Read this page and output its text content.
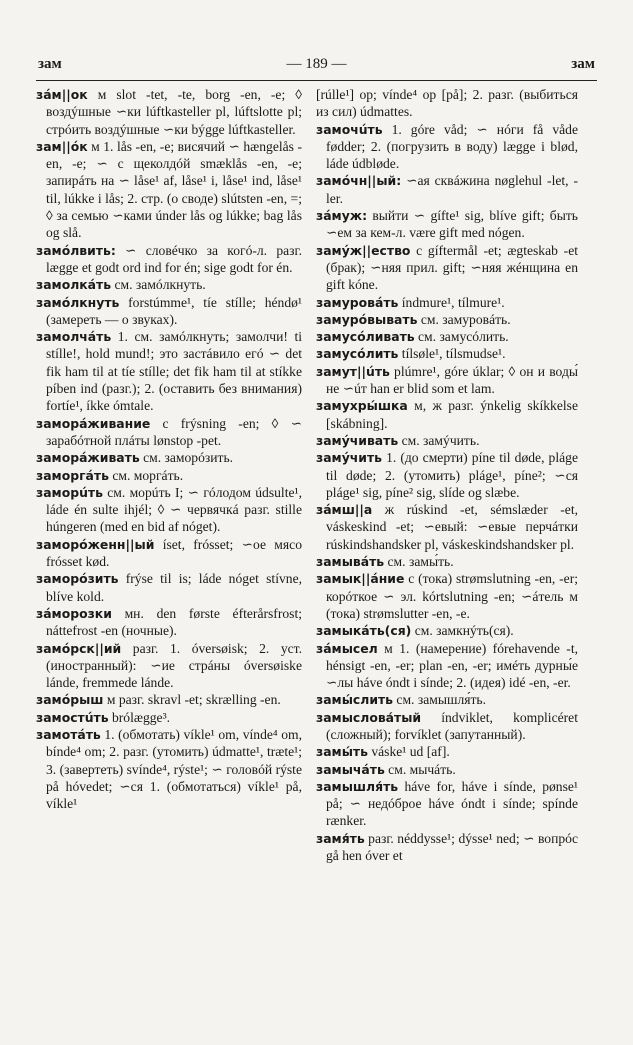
зам	— 189 —	зам
зáм||ок м slot -tet, -te, borg -en, -e; ◊ воздýшные ∽ки lúftkasteller pl, lúftslotte pl; стрóить воздýшные ∽ки býgge lúftkasteller.
зам||óк м 1. lås -en, -e; висячий ∽ hængelås -en, -e; ∽ с щеколдóй smæklås -en, -e; запирáть на ∽ låse¹ af, låse¹ i, låse¹ ind, låse¹ til, lúkke i lås; 2. стр. (о своде) slútsten -en, =; ◊ за семью ∽ками únder lås og lúkke; bag lås og slå.
замóлвить: ∽ словéчко за когó-л. разг. lægge et godt ord ind for én; sige godt for én.
замолкáть см. замóлкнуть.
замóлкнуть forstúmme¹, tíe stílle; héndø¹ (замереть — о звуках).
замолчáть 1. см. замóлкнуть; замолчи! ti stílle!, hold mund!; это застáвило егó ∽ det fik ham til at tíe stílle; det fik ham til at stíkke píben ind (разг.); 2. (оставить без внимания) fortíe¹, íkke ómtale.
заморáживание с frýsning -en; ◊ ∽ зарабóтной плáты lønstop -pet.
заморáживать см. заморóзить.
заморгáть см. моргáть.
заморúть см. морúть I; ∽ гóлодом údsulte¹, láde én sulte ihjél; ◊ ∽ червячкá разг. stille húngeren (med en bid af nóget).
заморóженн||ый íset, frósset; ∽ое мясо frósset kød.
заморóзить frýse til is; láde nóget stívne, blíve kold.
зáморозки мн. den første éfterårsfrost; náttefrost -en (ночные).
замóрск||ий разг. 1. óversøisk; 2. уст. (иностранный): ∽ие стрáны óversøiske lánde, fremmede lánde.
замóрыш м разг. skravl -et; skrælling -en.
замостúть brólægge³.
замотáть 1. (обмотать) víkle¹ om, vínde⁴ om, bínde⁴ om; 2. разг. (утомить) údmatte¹, træte¹; 3. (завертеть) svínde⁴, rýste¹; ∽ головóй rýste på hóvedet; ∽ся 1. (обмотаться) víkle¹ på, víkle¹
[rúlle¹] op; vínde⁴ op [på]; 2. разг. (выбиться из сил) údmattes.
замочúть 1. góre våd; ∽ нóги få våde fødder; 2. (погрузить в воду) lægge i blød, láde údbløde.
замóчн||ый: ∽ая сквáжина nøglehul -let, -ler.
зáмуж: выйти ∽ gífte¹ sig, blíve gift; быть ∽ем за кем-л. være gift med nógen.
замýж||ество с gíftermål -et; ægteskab -et (брак); ∽няя прил. gift; ∽няя жéнщина en gift kóne.
замуровáть índmure¹, tílmure¹.
замурóвывать см. замуровáть.
замусóливать см. замусóлить.
замусóлить tílsøle¹, tílsmudse¹.
замут||úть plúmre¹, góre úklar; ◊ он и воды́ не ∽úт han er blid som et lam.
замухры́шка м, ж разг. ýnkelig skíkkelse [skábning].
замýчивать см. замýчить.
замýчить 1. (до смерти) píne til døde, pláge til døde; 2. (утомить) pláge¹, píne²; ∽ся pláge¹ sig, píne² sig, slíde og slæbe.
зáмш||а ж rúskind -et, sémslæder -et, váskeskind -et; ∽евый: ∽евые перчáтки rúskindshandsker pl, váskeskindshandsker pl.
замывáть см. замы́ть.
замык||áние с (тока) strømslutning -en, -er; корóткое ∽ эл. kórtslutning -en; ∽áтель м (тока) strømslutter -en, -e.
замыкáть(ся) см. замкнýть(ся).
зáмысел м 1. (намерение) fórehavende -t, hénsigt -en, -er; plan -en, -er; имéть дурны́е ∽лы háve óndt i sínde; 2. (идея) idé -en, -er.
замы́слить см. замышля́ть.
замыслова́тый índviklet, komplicéret (сложный); forvíklet (запутанный).
замы́ть váske¹ ud [af].
замычáть см. мычáть.
замышля́ть háve for, háve i sínde, pønse¹ på; ∽ недóброе háve óndt i sínde; spínde rænker.
замя́ть разг. néddysse¹; dýsse¹ ned; ∽ вопрóс gå hen óver et
